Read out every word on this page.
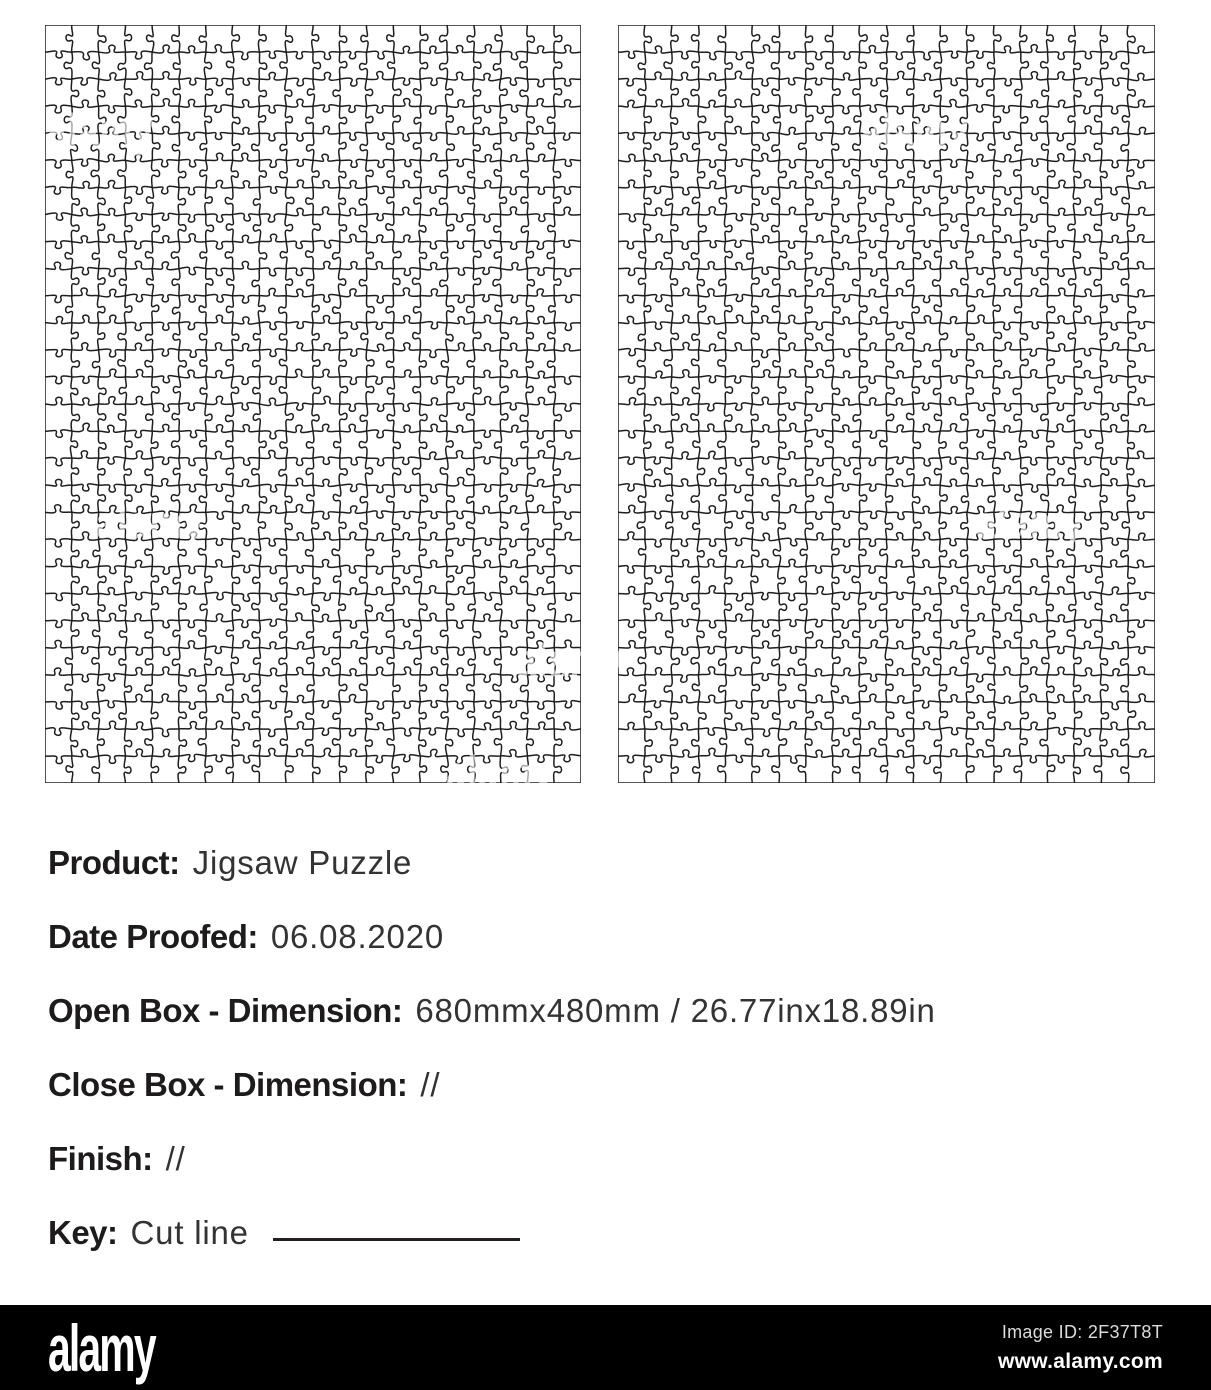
alamy	alamy
alamy	alamy
alamy
alamy
Product: Jigsaw Puzzle
Date Proofed: 06.08.2020
Open Box - Dimension: 680mmx480mm / 26.77inx18.89in
Close Box - Dimension: //
Finish: //
Key: Cut line
alamy	Image ID: 2F37T8T
www.alamy.com
